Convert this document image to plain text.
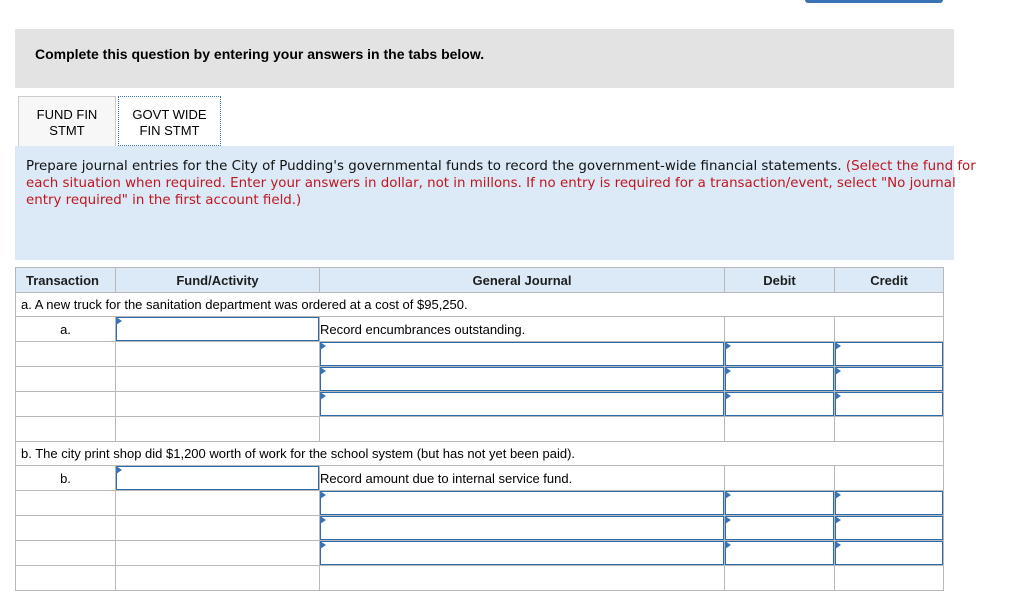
Complete this question by entering your answers in the tabs below.
FUND FIN
STMT
GOVT WIDE
FIN STMT

Prepare journal entries for the City of Pudding's governmental funds to record the government-wide financial statements. (Select the fund for each situation when required. Enter your answers in dollar, not in millons. If no entry is required for a transaction/event, select "No journal entry required" in the first account field.)

Transaction	Fund/Activity	General Journal	Debit	Credit
a. A new truck for the sanitation department was ordered at a cost of $95,250.				
a.		Record encumbrances outstanding.		

b. The city print shop did $1,200 worth of work for the school system (but has not yet been paid).				
b.		Record amount due to internal service fund.		
